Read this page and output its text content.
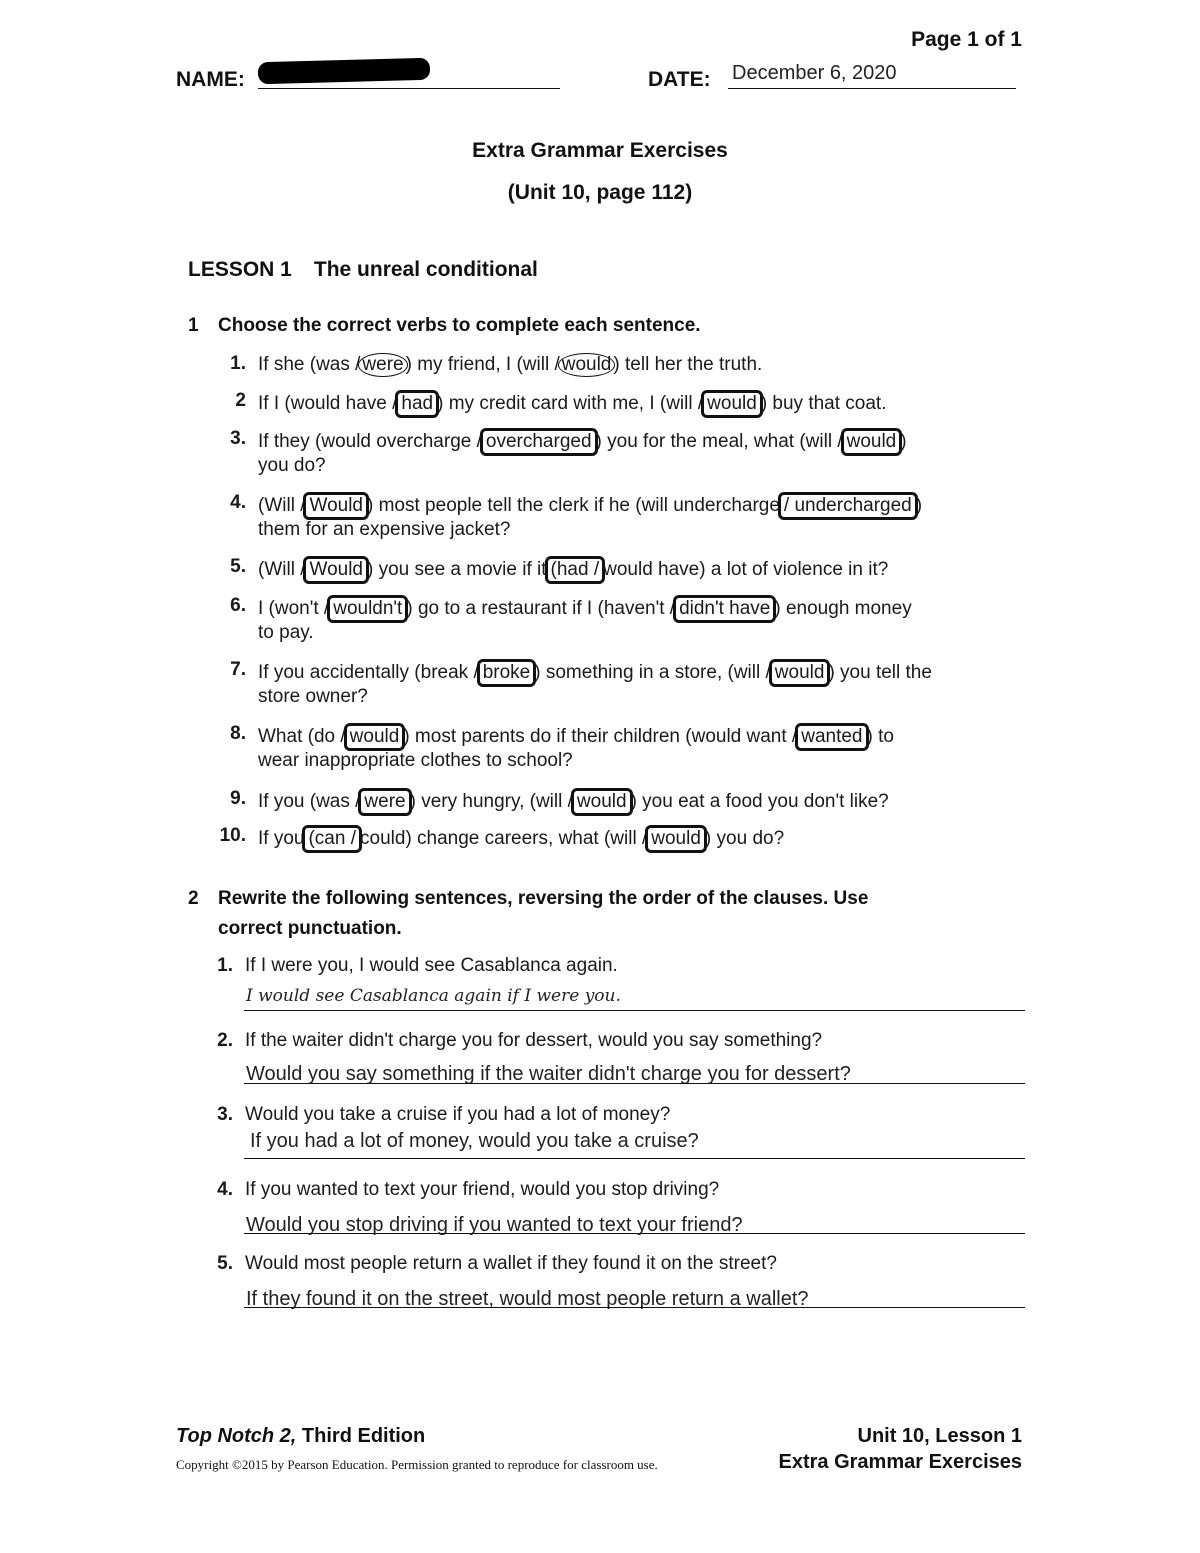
Page 1 of 1
NAME:	DATE: December 6, 2020
Extra Grammar Exercises
(Unit 10, page 112)
LESSON 1 The unreal conditional
1 Choose the correct verbs to complete each sentence.
1. If she (was / were ) my friend, I (will / would ) tell her the truth.
2 If I (would have / had ) my credit card with me, I (will / would ) buy that coat.
3. If they (would overcharge / overcharged ) you for the meal, what (will / would )
you do?
4. (Will / Would ) most people tell the clerk if he (will undercharge / undercharged )
them for an expensive jacket?
5. (Will / Would ) you see a movie if it (had / would have) a lot of violence in it?
6. I (won't / wouldn't ) go to a restaurant if I (haven't / didn't have ) enough money
to pay.
7. If you accidentally (break / broke ) something in a store, (will / would ) you tell the
store owner?
8. What (do / would ) most parents do if their children (would want / wanted ) to
wear inappropriate clothes to school?
9. If you (was / were ) very hungry, (will / would ) you eat a food you don't like?
10. If you (can / could) change careers, what (will / would ) you do?
2 Rewrite the following sentences, reversing the order of the clauses. Use
correct punctuation.
1. If I were you, I would see Casablanca again.
I would see Casablanca again if I were you.
2. If the waiter didn't charge you for dessert, would you say something?
Would you say something if the waiter didn't charge you for dessert?
3. Would you take a cruise if you had a lot of money?
If you had a lot of money, would you take a cruise?
4. If you wanted to text your friend, would you stop driving?
Would you stop driving if you wanted to text your friend?
5. Would most people return a wallet if they found it on the street?
If they found it on the street, would most people return a wallet?
Top Notch 2, Third Edition
Copyright ©2015 by Pearson Education. Permission granted to reproduce for classroom use.
Unit 10, Lesson 1
Extra Grammar Exercises
